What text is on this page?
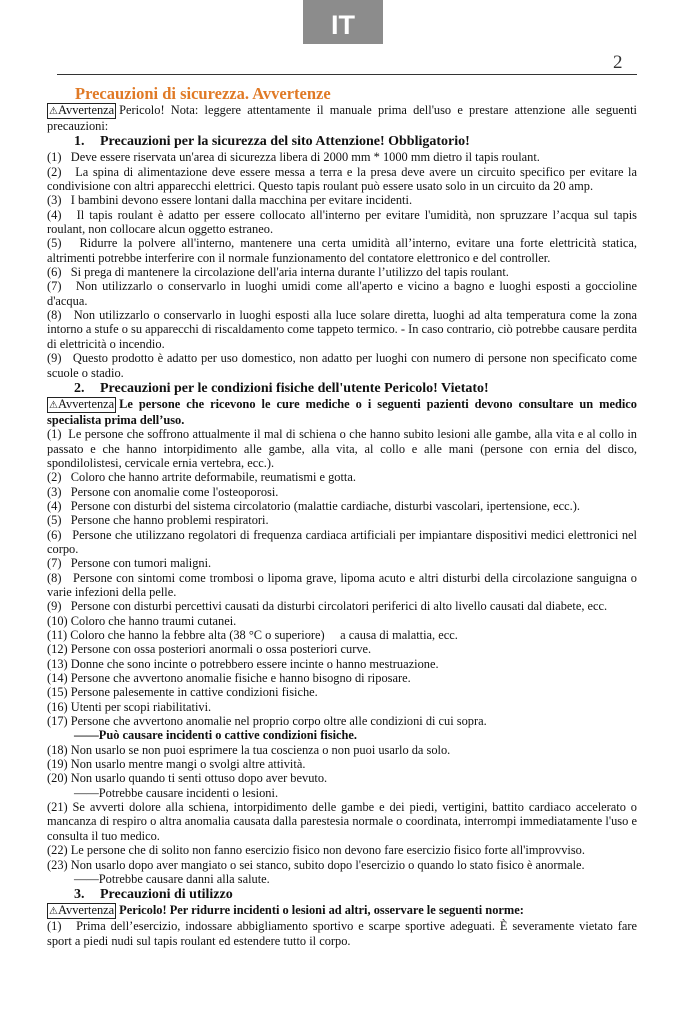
IT
2

Precauzioni di sicurezza. Avvertenze

⚠Avvertenza Pericolo! Nota: leggere attentamente il manuale prima dell'uso e prestare attenzione alle seguenti precauzioni:

1. Precauzioni per la sicurezza del sito Attenzione! Obbligatorio!

(1)   Deve essere riservata un'area di sicurezza libera di 2000 mm * 1000 mm dietro il tapis roulant.

(2)   La spina di alimentazione deve essere messa a terra e la presa deve avere un circuito specifico per evitare la condivisione con altri apparecchi elettrici. Questo tapis roulant può essere usato solo in un circuito da 20 amp.

(3)   I bambini devono essere lontani dalla macchina per evitare incidenti.

(4)   Il tapis roulant è adatto per essere collocato all'interno per evitare l'umidità, non spruzzare l’acqua sul tapis roulant, non collocare alcun oggetto estraneo.

(5)   Ridurre la polvere all'interno, mantenere una certa umidità all’interno, evitare una forte elettricità statica, altrimenti potrebbe interferire con il normale funzionamento del contatore elettronico e del controller.

(6)   Si prega di mantenere la circolazione dell'aria interna durante l’utilizzo del tapis roulant.

(7)   Non utilizzarlo o conservarlo in luoghi umidi come all'aperto e vicino a bagno e luoghi esposti a goccioline d'acqua.

(8)   Non utilizzarlo o conservarlo in luoghi esposti alla luce solare diretta, luoghi ad alta temperatura come la zona intorno a stufe o su apparecchi di riscaldamento come tappeto termico. - In caso contrario, ciò potrebbe causare perdita di elettricità o incendio.

(9)   Questo prodotto è adatto per uso domestico, non adatto per luoghi con numero di persone non specificato come scuole o stadio.

2. Precauzioni per le condizioni fisiche dell'utente Pericolo! Vietato!

⚠Avvertenza Le persone che ricevono le cure mediche o i seguenti pazienti devono consultare un medico specialista prima dell’uso.

(1)  Le persone che soffrono attualmente il mal di schiena o che hanno subito lesioni alle gambe, alla vita e al collo in passato e che hanno intorpidimento alle gambe, alla vita, al collo e alle mani (persone con ernia del disco, spondilolistesi, cervicale ernia vertebra, ecc.).

(2)   Coloro che hanno artrite deformabile, reumatismi e gotta.

(3)   Persone con anomalie come l'osteoporosi.

(4)   Persone con disturbi del sistema circolatorio (malattie cardiache, disturbi vascolari, ipertensione, ecc.).

(5)   Persone che hanno problemi respiratori.

(6)   Persone che utilizzano regolatori di frequenza cardiaca artificiali per impiantare dispositivi medici elettronici nel corpo.

(7)   Persone con tumori maligni.

(8)   Persone con sintomi come trombosi o lipoma grave, lipoma acuto e altri disturbi della circolazione sanguigna o varie infezioni della pelle.

(9)   Persone con disturbi percettivi causati da disturbi circolatori periferici di alto livello causati dal diabete, ecc.

(10) Coloro che hanno traumi cutanei.

(11) Coloro che hanno la febbre alta (38 °C o superiore)     a causa di malattia, ecc.

(12) Persone con ossa posteriori anormali o ossa posteriori curve.

(13) Donne che sono incinte o potrebbero essere incinte o hanno mestruazione.

(14) Persone che avvertono anomalie fisiche e hanno bisogno di riposare.

(15) Persone palesemente in cattive condizioni fisiche.

(16) Utenti per scopi riabilitativi.

(17) Persone che avvertono anomalie nel proprio corpo oltre alle condizioni di cui sopra.

——Può causare incidenti o cattive condizioni fisiche.

(18) Non usarlo se non puoi esprimere la tua coscienza o non puoi usarlo da solo.

(19) Non usarlo mentre mangi o svolgi altre attività.

(20) Non usarlo quando ti senti ottuso dopo aver bevuto.

——Potrebbe causare incidenti o lesioni.

(21) Se avverti dolore alla schiena, intorpidimento delle gambe e dei piedi, vertigini, battito cardiaco accelerato o mancanza di respiro o altra anomalia causata dalla parestesia normale o coordinata, interrompi immediatamente l'uso e consulta il tuo medico.

(22) Le persone che di solito non fanno esercizio fisico non devono fare esercizio fisico forte all'improvviso.

(23) Non usarlo dopo aver mangiato o sei stanco, subito dopo l'esercizio o quando lo stato fisico è anormale.

——Potrebbe causare danni alla salute.

3. Precauzioni di utilizzo

⚠Avvertenza Pericolo! Per ridurre incidenti o lesioni ad altri, osservare le seguenti norme:

(1)   Prima dell’esercizio, indossare abbigliamento sportivo e scarpe sportive adeguati. È severamente vietato fare sport a piedi nudi sul tapis roulant ed estendere tutto il corpo.
